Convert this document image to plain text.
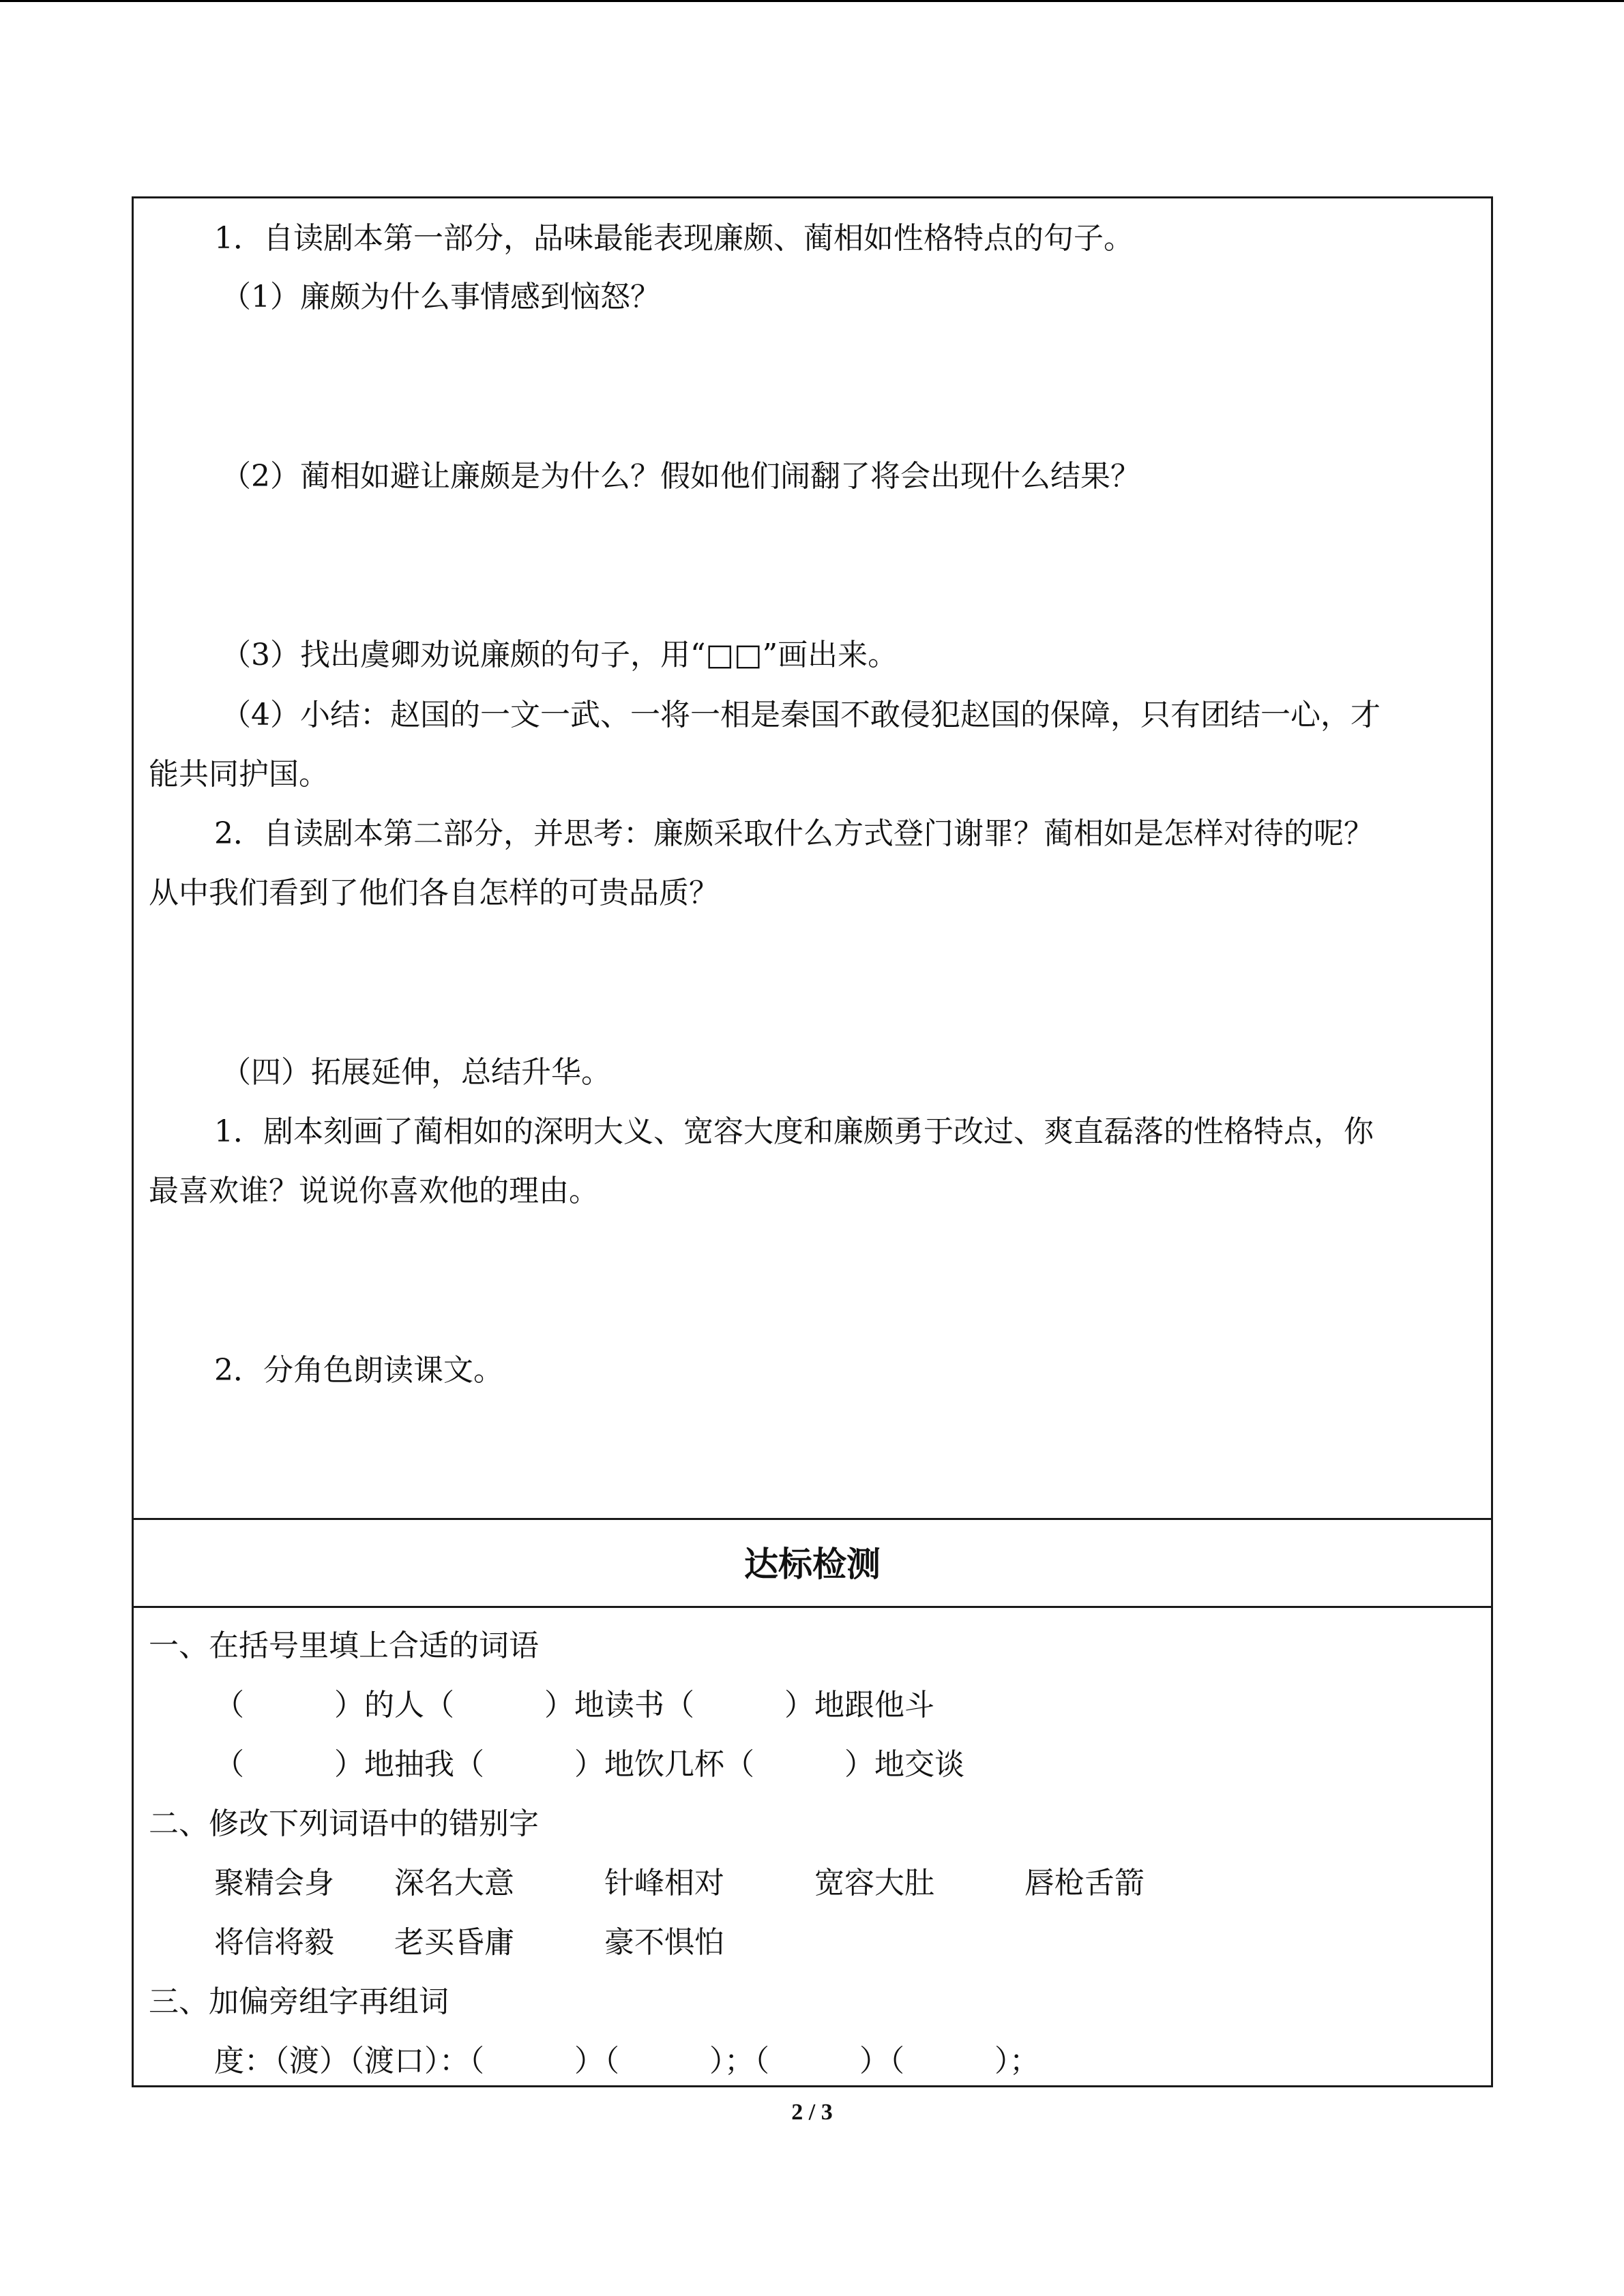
1．自读剧本第一部分，品味最能表现廉颇、蔺相如性格特点的句子。

（1）廉颇为什么事情感到恼怒？

（2）蔺相如避让廉颇是为什么？假如他们闹翻了将会出现什么结果？

（3）找出虞卿劝说廉颇的句子，用“□□”画出来。

（4）小结：赵国的一文一武、一将一相是秦国不敢侵犯赵国的保障，只有团结一心，才

能共同护国。

2．自读剧本第二部分，并思考：廉颇采取什么方式登门谢罪？蔺相如是怎样对待的呢？

从中我们看到了他们各自怎样的可贵品质？

（四）拓展延伸，总结升华。

1．剧本刻画了蔺相如的深明大义、宽容大度和廉颇勇于改过、爽直磊落的性格特点，你

最喜欢谁？说说你喜欢他的理由。

2．分角色朗读课文。

达标检测

一、在括号里填上合适的词语

（　　　）的人（　　　）地读书（　　　）地跟他斗

（　　　）地抽我（　　　）地饮几杯（　　　）地交谈

二、修改下列词语中的错别字

聚精会身　　深名大意　　　针峰相对　　　宽容大肚　　　唇枪舌箭

将信将毅　　老买昏庸　　　豪不惧怕

三、加偏旁组字再组词

度：（渡）（渡口）：（　　　）（　　　）；（　　　）（　　　）；

2 / 3
